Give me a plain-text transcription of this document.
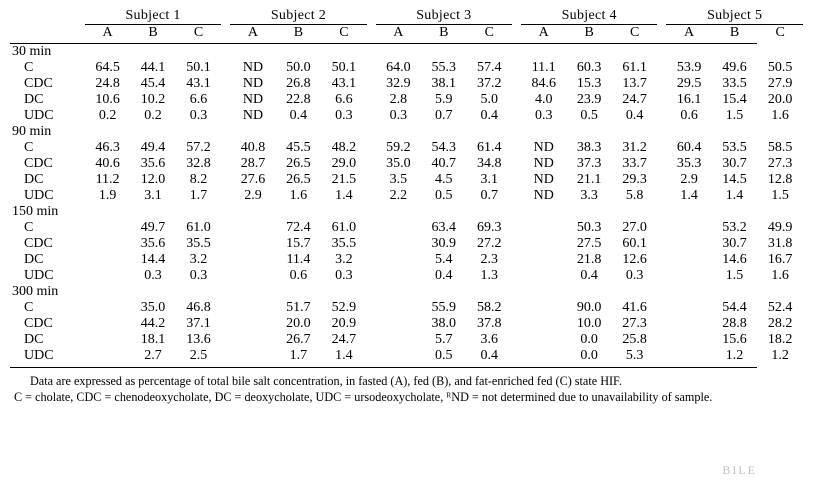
	Subject 1				Subject 2				Subject 3				Subject 4				Subject 5		
	A	B	C		A	B	C		A	B	C		A	B	C		A	B	C

30 min																			
C	64.5	44.1	50.1		ND	50.0	50.1		64.0	55.3	57.4		11.1	60.3	61.1		53.9	49.6	50.5
CDC	24.8	45.4	43.1		ND	26.8	43.1		32.9	38.1	37.2		84.6	15.3	13.7		29.5	33.5	27.9
DC	10.6	10.2	6.6		ND	22.8	6.6		2.8	5.9	5.0		4.0	23.9	24.7		16.1	15.4	20.0
UDC	0.2	0.2	0.3		ND	0.4	0.3		0.3	0.7	0.4		0.3	0.5	0.4		0.6	1.5	1.6
90 min																			
C	46.3	49.4	57.2		40.8	45.5	48.2		59.2	54.3	61.4		ND	38.3	31.2		60.4	53.5	58.5
CDC	40.6	35.6	32.8		28.7	26.5	29.0		35.0	40.7	34.8		ND	37.3	33.7		35.3	30.7	27.3
DC	11.2	12.0	8.2		27.6	26.5	21.5		3.5	4.5	3.1		ND	21.1	29.3		2.9	14.5	12.8
UDC	1.9	3.1	1.7		2.9	1.6	1.4		2.2	0.5	0.7		ND	3.3	5.8		1.4	1.4	1.5
150 min																			
C		49.7	61.0			72.4	61.0			63.4	69.3			50.3	27.0			53.2	49.9
CDC		35.6	35.5			15.7	35.5			30.9	27.2			27.5	60.1			30.7	31.8
DC		14.4	3.2			11.4	3.2			5.4	2.3			21.8	12.6			14.6	16.7
UDC		0.3	0.3			0.6	0.3			0.4	1.3			0.4	0.3			1.5	1.6
300 min																			
C		35.0	46.8			51.7	52.9			55.9	58.2			90.0	41.6			54.4	52.4
CDC		44.2	37.1			20.0	20.9			38.0	37.8			10.0	27.3			28.8	28.2
DC		18.1	13.6			26.7	24.7			5.7	3.6			0.0	25.8			15.6	18.2
UDC		2.7	2.5			1.7	1.4			0.5	0.4			0.0	5.3			1.2	1.2

Data are expressed as percentage of total bile salt concentration, in fasted (A), fed (B), and fat-enriched fed (C) state HIF.
C = cholate, CDC = chenodeoxycholate, DC = deoxycholate, UDC = ursodeoxycholate, ᴿND = not determined due to unavailability of sample.
BILE
